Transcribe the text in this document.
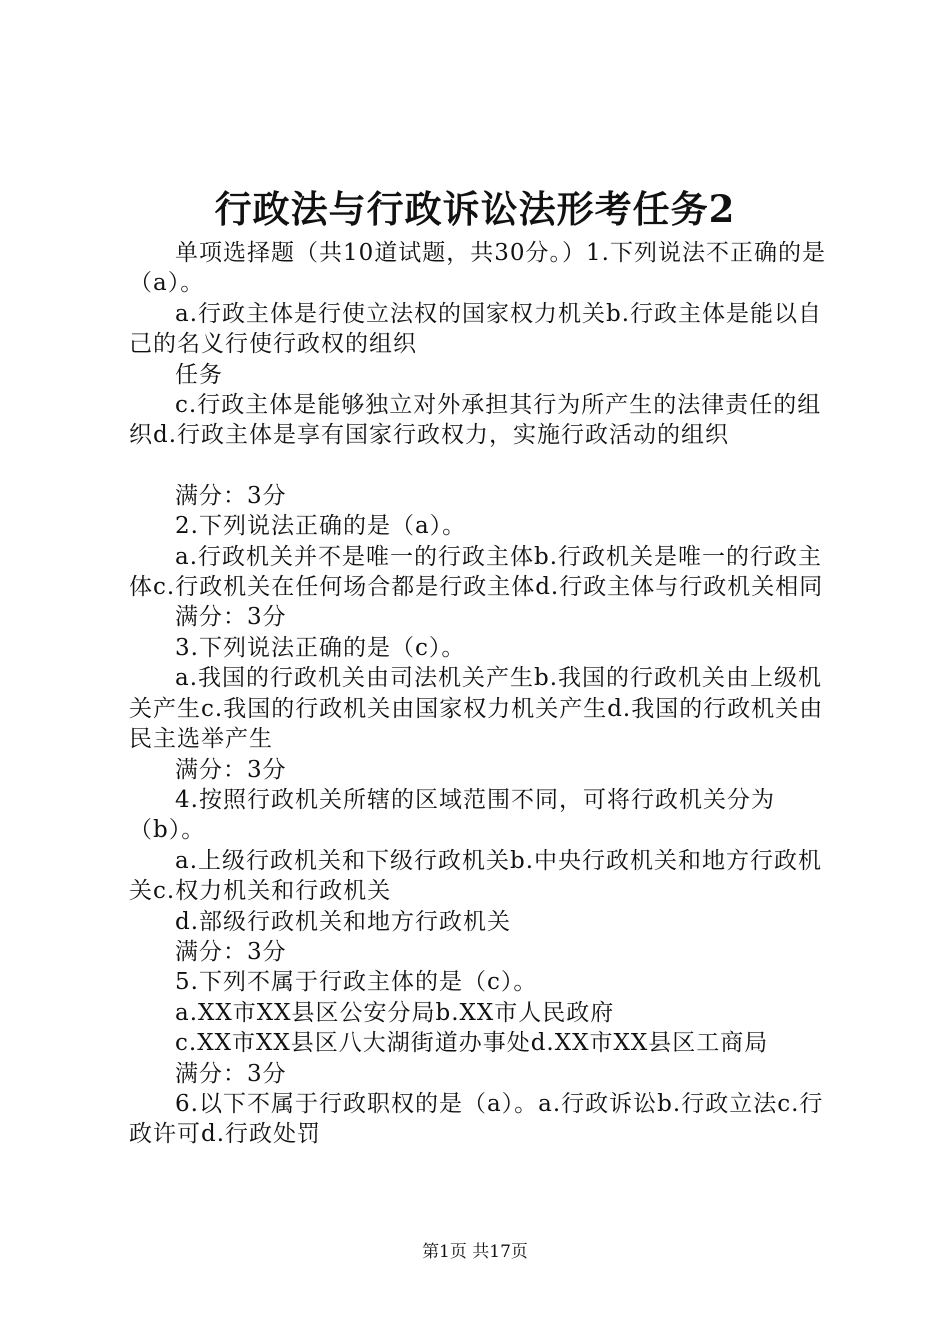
行政法与行政诉讼法形考任务2

单项选择题（共10道试题，共30分。）1.下列说法不正确的是（a）。

a.行政主体是行使立法权的国家权力机关b.行政主体是能以自己的名义行使行政权的组织

任务

c.行政主体是能够独立对外承担其行为所产生的法律责任的组织d.行政主体是享有国家行政权力，实施行政活动的组织

满分：3分

2.下列说法正确的是（a）。

a.行政机关并不是唯一的行政主体b.行政机关是唯一的行政主体c.行政机关在任何场合都是行政主体d.行政主体与行政机关相同

满分：3分

3.下列说法正确的是（c）。

a.我国的行政机关由司法机关产生b.我国的行政机关由上级机关产生c.我国的行政机关由国家权力机关产生d.我国的行政机关由民主选举产生

满分：3分

4.按照行政机关所辖的区域范围不同，可将行政机关分为（b）。

a.上级行政机关和下级行政机关b.中央行政机关和地方行政机关c.权力机关和行政机关

d.部级行政机关和地方行政机关

满分：3分

5.下列不属于行政主体的是（c）。

a.XX市XX县区公安分局b.XX市人民政府

c.XX市XX县区八大湖街道办事处d.XX市XX县区工商局

满分：3分

6.以下不属于行政职权的是（a）。a.行政诉讼b.行政立法c.行政许可d.行政处罚

第1页 共17页
